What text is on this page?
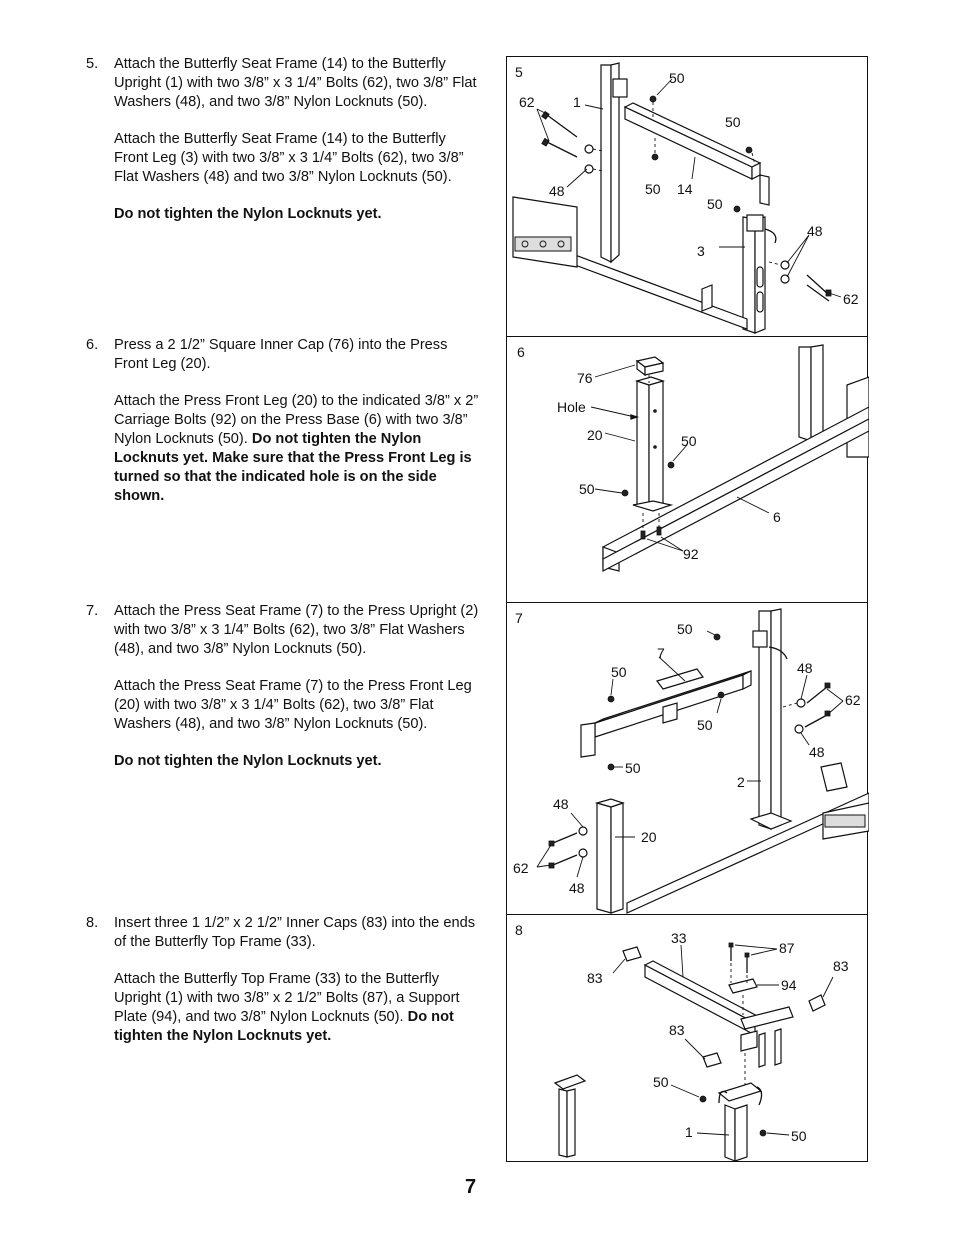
5. Attach the Butterfly Seat Frame (14) to the Butterfly Upright (1) with two 3/8” x 3 1/4” Bolts (62), two 3/8” Flat Washers (48), and two 3/8” Nylon Locknuts (50).

Attach the Butterfly Seat Frame (14) to the Butterfly Front Leg (3) with two 3/8” x 3 1/4” Bolts (62), two 3/8” Flat Washers (48) and two 3/8” Nylon Locknuts (50).

Do not tighten the Nylon Locknuts yet.

6. Press a 2 1/2” Square Inner Cap (76) into the Press Front Leg (20).

Attach the Press Front Leg (20) to the indicated 3/8” x 2” Carriage Bolts (92) on the Press Base (6) with two 3/8” Nylon Locknuts (50). Do not tighten the Nylon Locknuts yet. Make sure that the Press Front Leg is turned so that the indicated hole is on the side shown.

7. Attach the Press Seat Frame (7) to the Press Upright (2) with two 3/8” x 3 1/4” Bolts (62), two 3/8” Flat Washers (48), and two 3/8” Nylon Locknuts (50).

Attach the Press Seat Frame (7) to the Press Front Leg (20) with two 3/8” x 3 1/4” Bolts (62), two 3/8” Flat Washers (48), and two 3/8” Nylon Locknuts (50).

Do not tighten the Nylon Locknuts yet.

8. Insert three 1 1/2” x 2 1/2” Inner Caps (83) into the ends of the Butterfly Top Frame (33).

Attach the Butterfly Top Frame (33) to the Butterfly Upright (1) with two 3/8” x 2 1/2” Bolts (87), a Support Plate (94), and two 3/8” Nylon Locknuts (50). Do not tighten the Nylon Locknuts yet.

5	50
62	1
50
48	50 14
50
48
3
62
6
76
Hole
20	50
50
6
92
7
50
7
50	48
62
50
48
50
2
48
20
62
48
8	33
87
83
83
94
83
50
1	50
7
